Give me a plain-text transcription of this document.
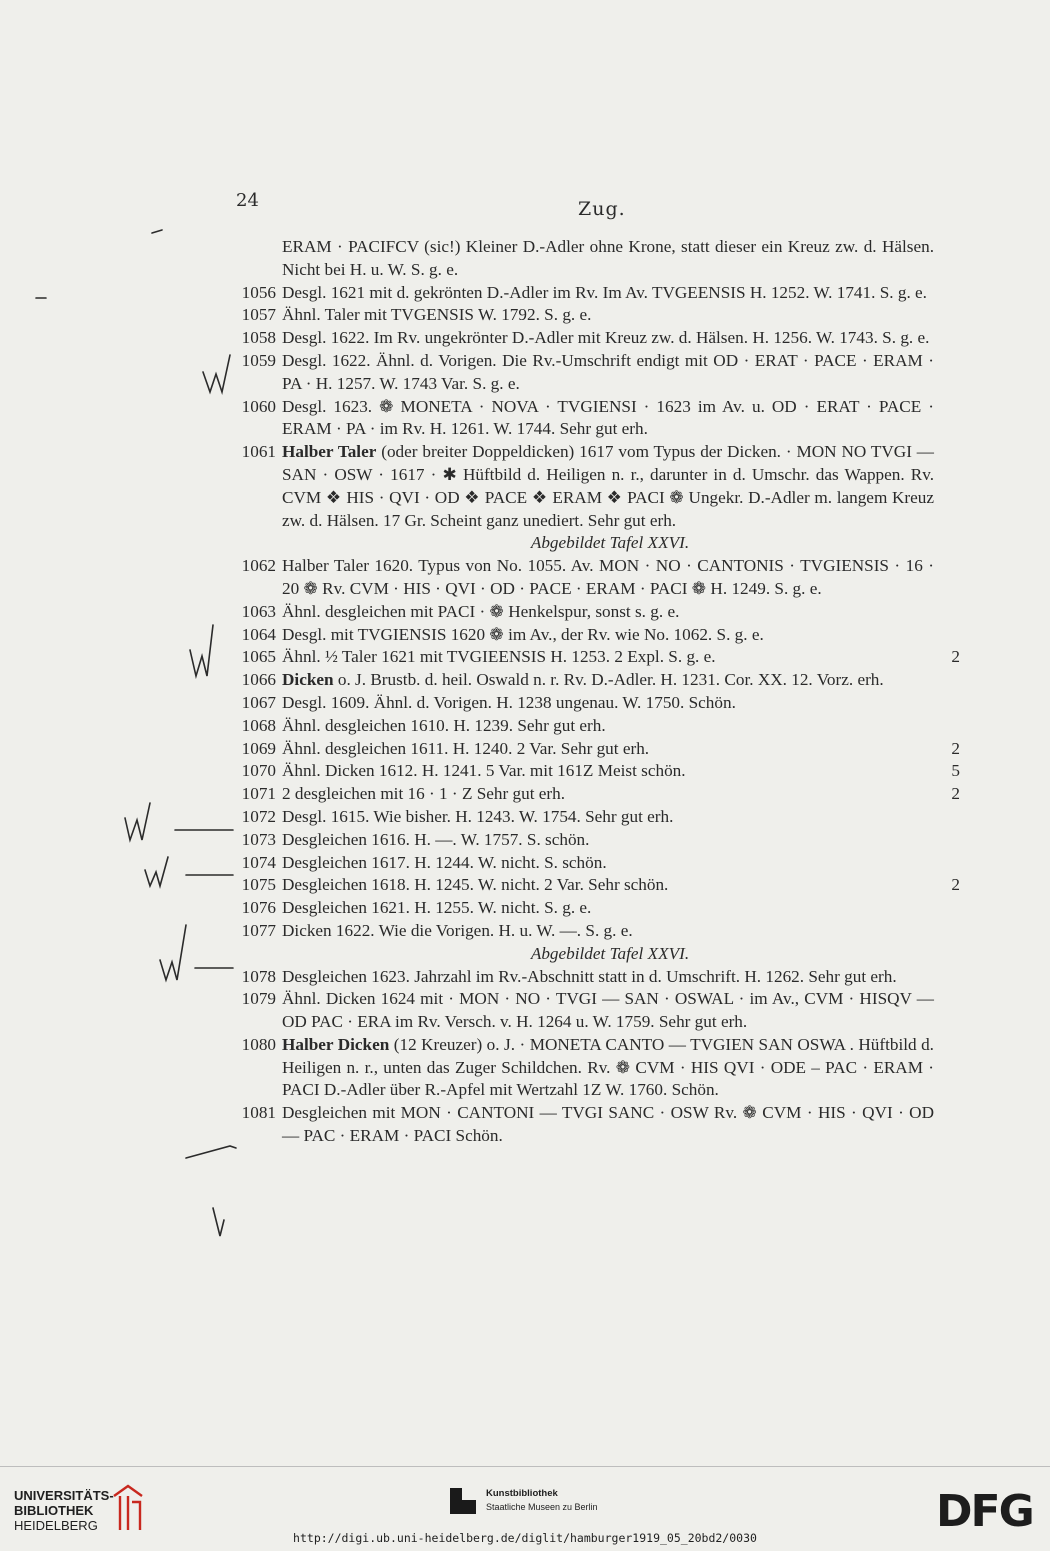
24	Zug.
ERAM · PACIFCV (sic!) Kleiner D.-Adler ohne Krone, statt dieser ein Kreuz zw. d. Hälsen. Nicht bei H. u. W. S. g. e.
1056 Desgl. 1621 mit d. gekrönten D.-Adler im Rv. Im Av. TVGEENSIS H. 1252. W. 1741. S. g. e.
1057 Ähnl. Taler mit TVGENSIS W. 1792. S. g. e.
1058 Desgl. 1622. Im Rv. ungekrönter D.-Adler mit Kreuz zw. d. Hälsen. H. 1256. W. 1743. S. g. e.
1059 Desgl. 1622. Ähnl. d. Vorigen. Die Rv.-Umschrift endigt mit OD · ERAT · PACE · ERAM · PA · H. 1257. W. 1743 Var. S. g. e.
1060 Desgl. 1623. ❁ MONETA · NOVA · TVGIENSI · 1623 im Av. u. OD · ERAT · PACE · ERAM · PA · im Rv. H. 1261. W. 1744. Sehr gut erh.
1061 Halber Taler (oder breiter Doppeldicken) 1617 vom Typus der Dicken. · MON NO TVGI — SAN · OSW · 1617 · ✱ Hüftbild d. Heiligen n. r., darunter in d. Umschr. das Wappen. Rv. CVM ❖ HIS · QVI · OD ❖ PACE ❖ ERAM ❖ PACI ❁ Ungekr. D.-Adler m. langem Kreuz zw. d. Hälsen. 17 Gr. Scheint ganz unediert. Sehr gut erh.
Abgebildet Tafel XXVI.
1062 Halber Taler 1620. Typus von No. 1055. Av. MON · NO · CANTONIS · TVGIENSIS · 16 · 20 ❁ Rv. CVM · HIS · QVI · OD · PACE · ERAM · PACI ❁ H. 1249. S. g. e.
1063 Ähnl. desgleichen mit PACI · ❁ Henkelspur, sonst s. g. e.
1064 Desgl. mit TVGIENSIS 1620 ❁ im Av., der Rv. wie No. 1062. S. g. e.
1065 Ähnl. ½ Taler 1621 mit TVGIEENSIS H. 1253. 2 Expl. S. g. e.	2
1066 Dicken o. J. Brustb. d. heil. Oswald n. r. Rv. D.-Adler. H. 1231. Cor. XX. 12. Vorz. erh.
1067 Desgl. 1609. Ähnl. d. Vorigen. H. 1238 ungenau. W. 1750. Schön.
1068 Ähnl. desgleichen 1610. H. 1239. Sehr gut erh.
1069 Ähnl. desgleichen 1611. H. 1240. 2 Var. Sehr gut erh.	2
1070 Ähnl. Dicken 1612. H. 1241. 5 Var. mit 161Z Meist schön.	5
1071 2 desgleichen mit 16 · 1 · Z Sehr gut erh.	2
1072 Desgl. 1615. Wie bisher. H. 1243. W. 1754. Sehr gut erh.
1073 Desgleichen 1616. H. —. W. 1757. S. schön.
1074 Desgleichen 1617. H. 1244. W. nicht. S. schön.
1075 Desgleichen 1618. H. 1245. W. nicht. 2 Var. Sehr schön.	2
1076 Desgleichen 1621. H. 1255. W. nicht. S. g. e.
1077 Dicken 1622. Wie die Vorigen. H. u. W. —. S. g. e.
Abgebildet Tafel XXVI.
1078 Desgleichen 1623. Jahrzahl im Rv.-Abschnitt statt in d. Umschrift. H. 1262. Sehr gut erh.
1079 Ähnl. Dicken 1624 mit · MON · NO · TVGI — SAN · OSWAL · im Av., CVM · HISQV — OD PAC · ERA im Rv. Versch. v. H. 1264 u. W. 1759. Sehr gut erh.
1080 Halber Dicken (12 Kreuzer) o. J. · MONETA CANTO — TVGIEN SAN OSWA . Hüftbild d. Heiligen n. r., unten das Zuger Schildchen. Rv. ❁ CVM · HIS QVI · ODE – PAC · ERAM · PACI D.-Adler über R.-Apfel mit Wertzahl 1Z W. 1760. Schön.
1081 Desgleichen mit MON · CANTONI — TVGI SANC · OSW Rv. ❁ CVM · HIS · QVI · OD — PAC · ERAM · PACI Schön.
UNIVERSITÄTS-
BIBLIOTHEK
HEIDELBERG
Kunstbibliothek
Staatliche Museen zu Berlin	DFG
http://digi.ub.uni-heidelberg.de/diglit/hamburger1919_05_20bd2/0030
